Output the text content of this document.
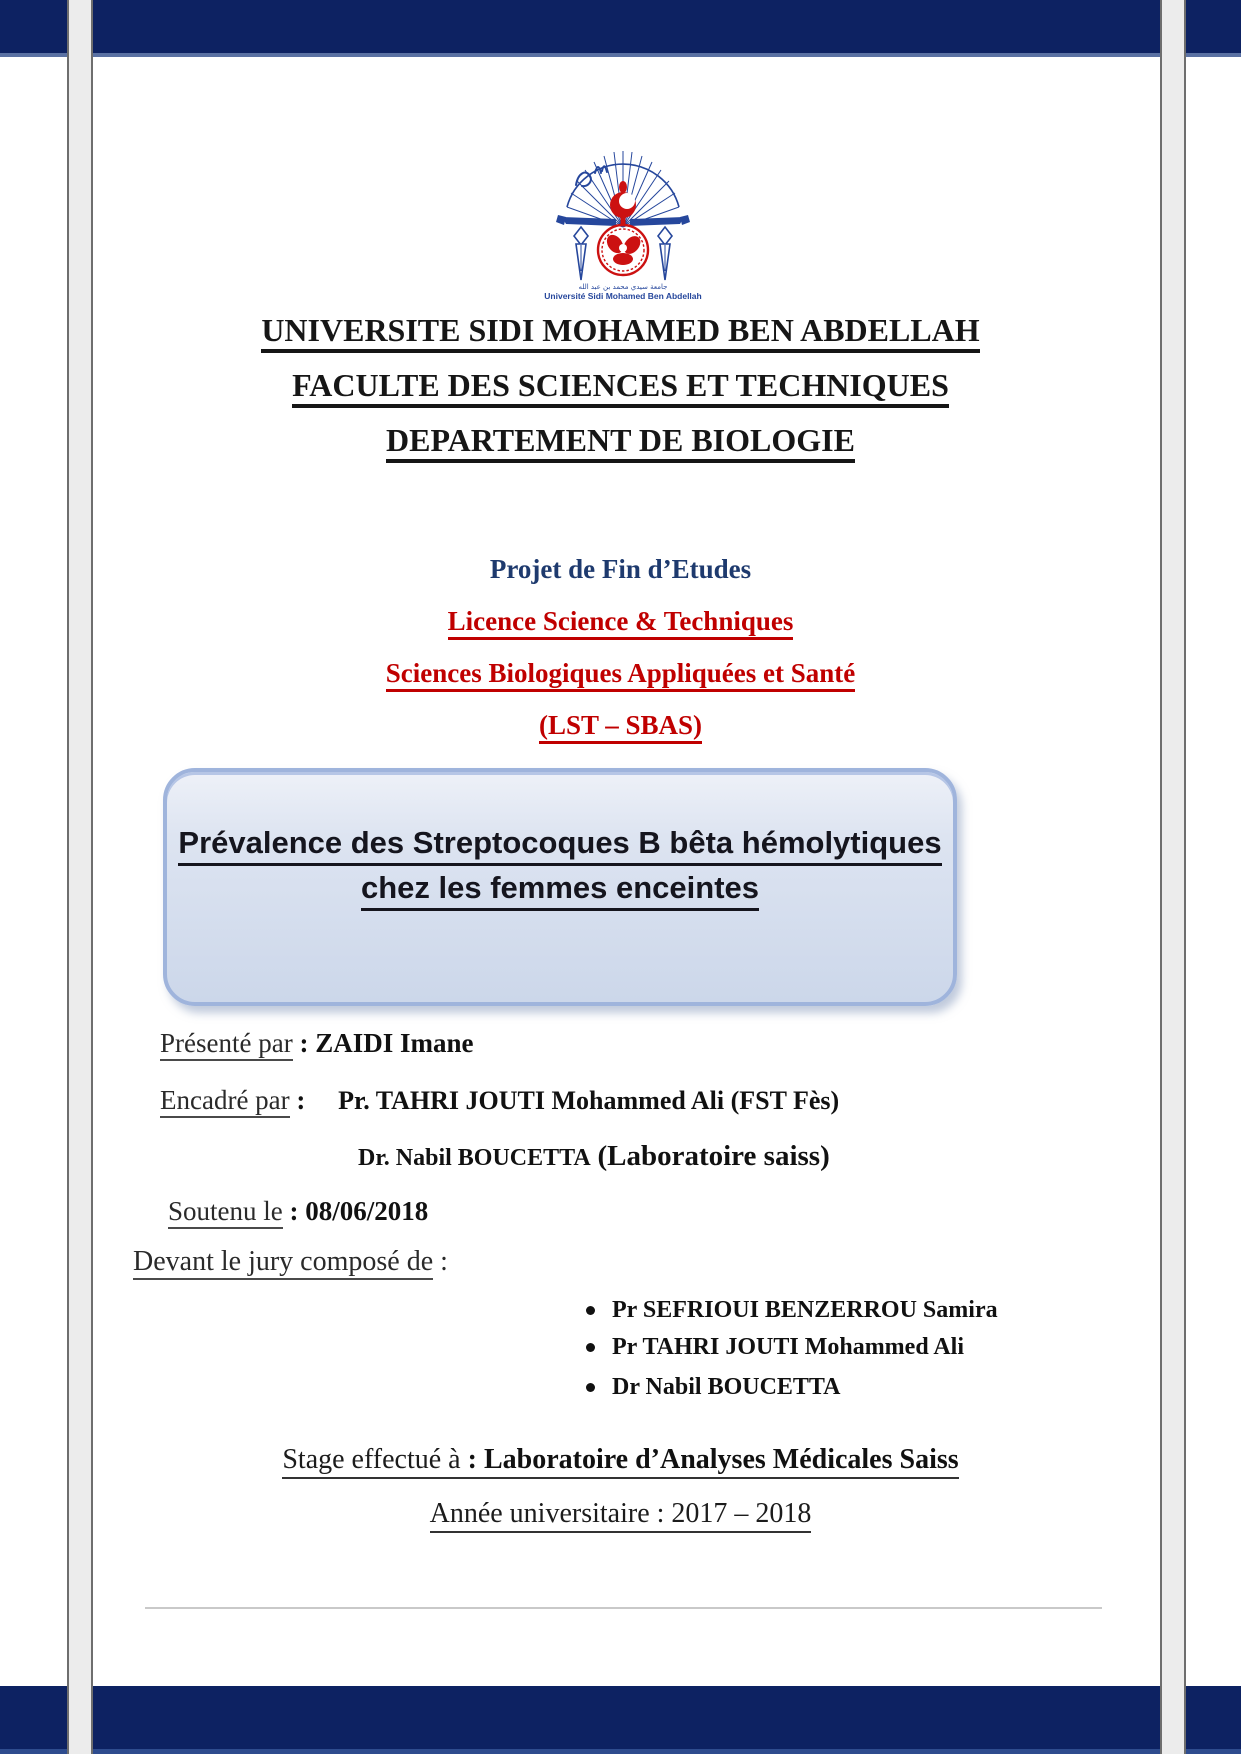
جامعة سيدي محمد بن عبد الله
Université Sidi Mohamed Ben Abdellah
UNIVERSITE SIDI MOHAMED BEN ABDELLAH
FACULTE DES SCIENCES ET TECHNIQUES
DEPARTEMENT DE BIOLOGIE
Projet de Fin d’Etudes
Licence Science & Techniques
Sciences Biologiques Appliquées et Santé
(LST – SBAS)
Prévalence des Streptocoques B bêta hémolytiques
chez les femmes enceintes
Présenté par : ZAIDI Imane
Encadré par : Pr. TAHRI JOUTI Mohammed Ali (FST Fès)
Dr. Nabil BOUCETTA (Laboratoire saiss)
Soutenu le : 08/06/2018
Devant le jury composé de :
Pr SEFRIOUI BENZERROU Samira
Pr TAHRI JOUTI Mohammed Ali
Dr Nabil BOUCETTA
Stage effectué à : Laboratoire d’Analyses Médicales Saiss
Année universitaire : 2017 – 2018
